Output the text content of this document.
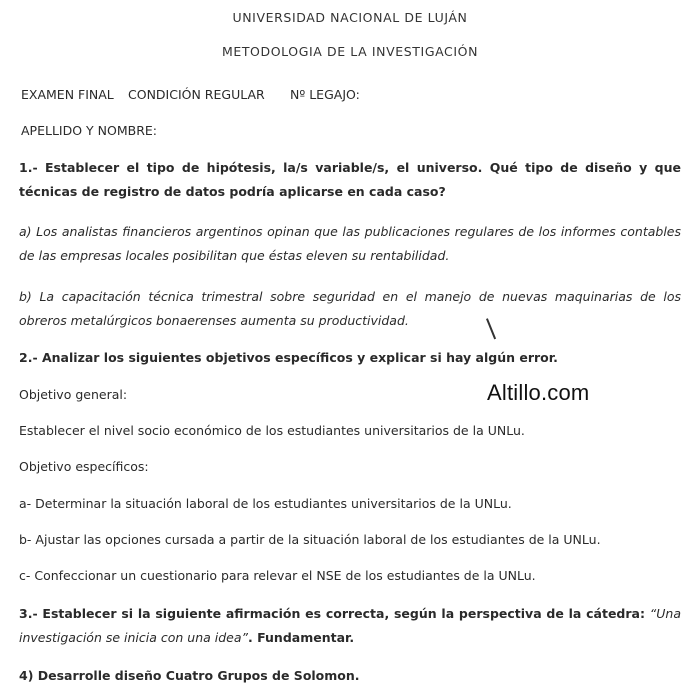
UNIVERSIDAD NACIONAL DE LUJÁN
METODOLOGIA DE LA INVESTIGACIÓN
EXAMEN FINAL CONDICIÓN REGULAR Nº LEGAJO:
APELLIDO Y NOMBRE:
1.- Establecer el tipo de hipótesis, la/s variable/s, el universo. Qué tipo de diseño y que técnicas de registro de datos podría aplicarse en cada caso?
a) Los analistas financieros argentinos opinan que las publicaciones regulares de los informes contables de las empresas locales posibilitan que éstas eleven su rentabilidad.
b) La capacitación técnica trimestral sobre seguridad en el manejo de nuevas maquinarias de los obreros metalúrgicos bonaerenses aumenta su productividad.
2.- Analizar los siguientes objetivos específicos y explicar si hay algún error.
Altillo.com
Objetivo general:
Establecer el nivel socio económico de los estudiantes universitarios de la UNLu.
Objetivo específicos:
a- Determinar la situación laboral de los estudiantes universitarios de la UNLu.
b- Ajustar las opciones cursada a partir de la situación laboral de los estudiantes de la UNLu.
c- Confeccionar un cuestionario para relevar el NSE de los estudiantes de la UNLu.
3.- Establecer si la siguiente afirmación es correcta, según la perspectiva de la cátedra: “Una investigación se inicia con una idea”. Fundamentar.
4) Desarrolle diseño Cuatro Grupos de Solomon.
